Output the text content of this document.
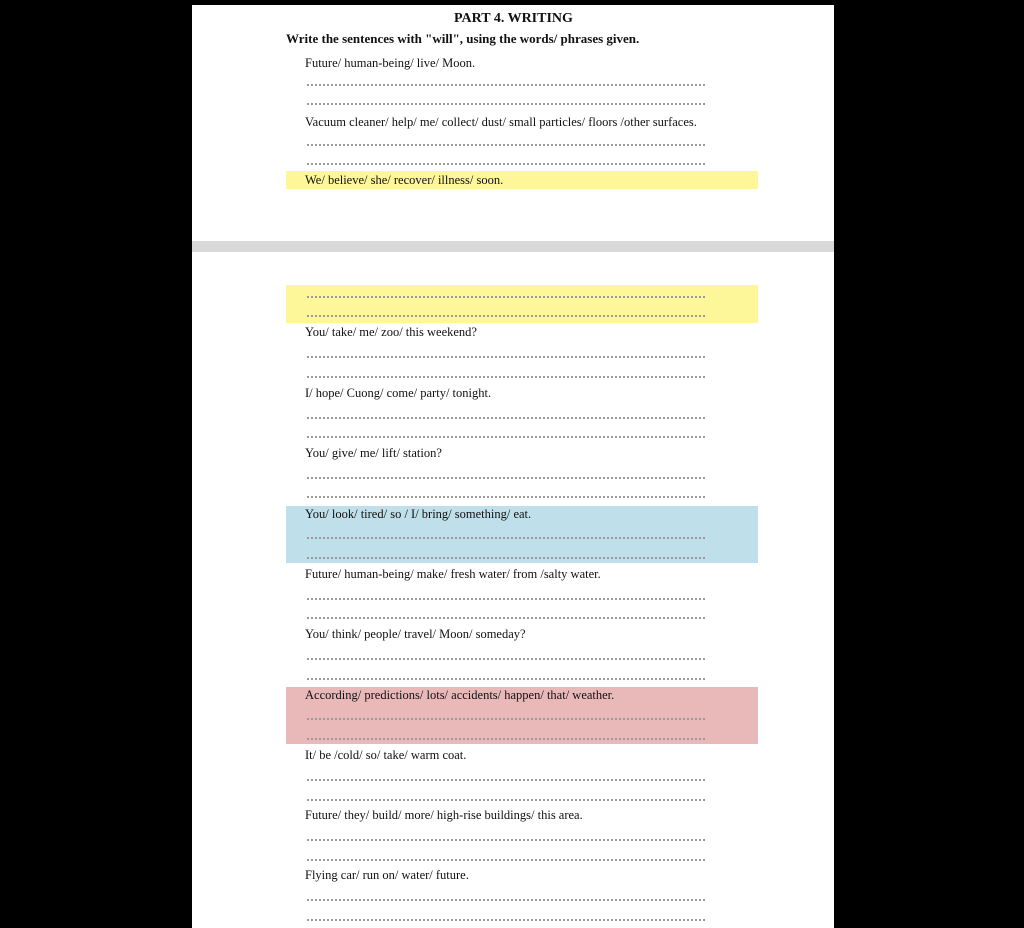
PART 4. WRITING
Write the sentences with "will", using the words/ phrases given.
Future/ human-being/ live/ Moon.
Vacuum cleaner/ help/ me/ collect/ dust/ small particles/ floors /other surfaces.
We/ believe/ she/ recover/ illness/ soon.
You/ take/ me/ zoo/ this weekend?
I/ hope/ Cuong/ come/ party/ tonight.
You/ give/ me/ lift/ station?
You/ look/ tired/ so / I/ bring/ something/ eat.
Future/ human-being/ make/ fresh water/ from /salty water.
You/ think/ people/ travel/ Moon/ someday?
According/ predictions/ lots/ accidents/ happen/ that/ weather.
It/ be /cold/ so/ take/ warm coat.
Future/ they/ build/ more/ high-rise buildings/ this area.
Flying car/ run on/ water/ future.
